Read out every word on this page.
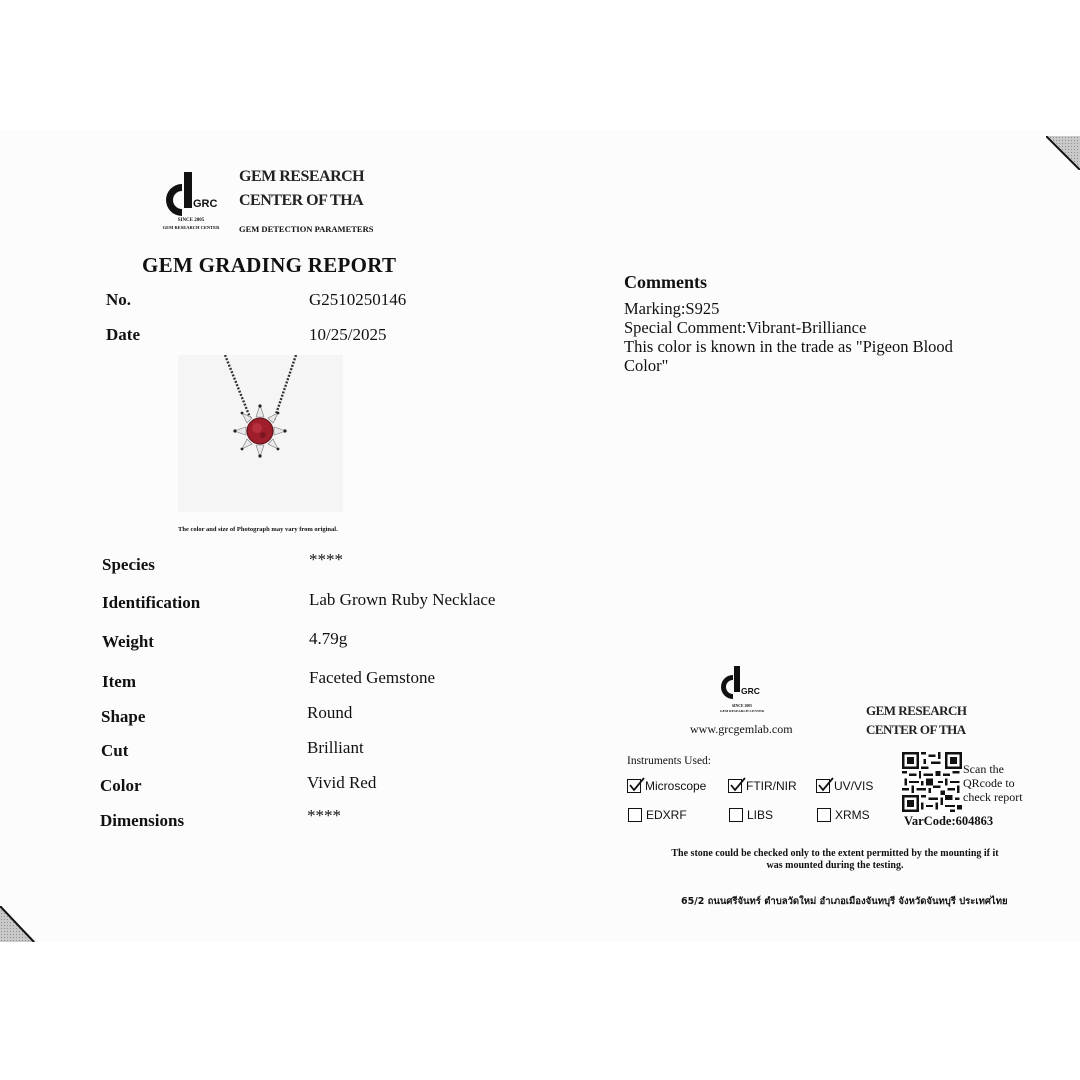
GRC
SINCE 2005
GEM RESEARCH CENTER
GEM RESEARCH
CENTER OF THA
GEM DETECTION PARAMETERS
GEM GRADING REPORT
No.	G2510250146
Date	10/25/2025
The color and size of Photograph may vary from original.
Species	****
Identification	Lab Grown Ruby Necklace
Weight	4.79g
Item	Faceted Gemstone
Shape	Round
Cut	Brilliant
Color	Vivid Red
Dimensions	****
Comments
Marking:S925
Special Comment:Vibrant-Brilliance
This color is known in the trade as "Pigeon Blood
Color"
GRC
SINCE 2005
GEM RESEARCH CENTER
www.grcgemlab.com
GEM RESEARCH
CENTER OF THA
Instruments Used:
Microscope	FTIR/NIR	UV/VIS
EDXRF	LIBS	XRMS
Scan the
QRcode to
check report
VarCode:604863
The stone could be checked only to the extent permitted by the mounting if it
was mounted during the testing.
65/2 ถนนศรีจันทร์ ตำบลวัดใหม่ อำเภอเมืองจันทบุรี จังหวัดจันทบุรี ประเทศไทย
